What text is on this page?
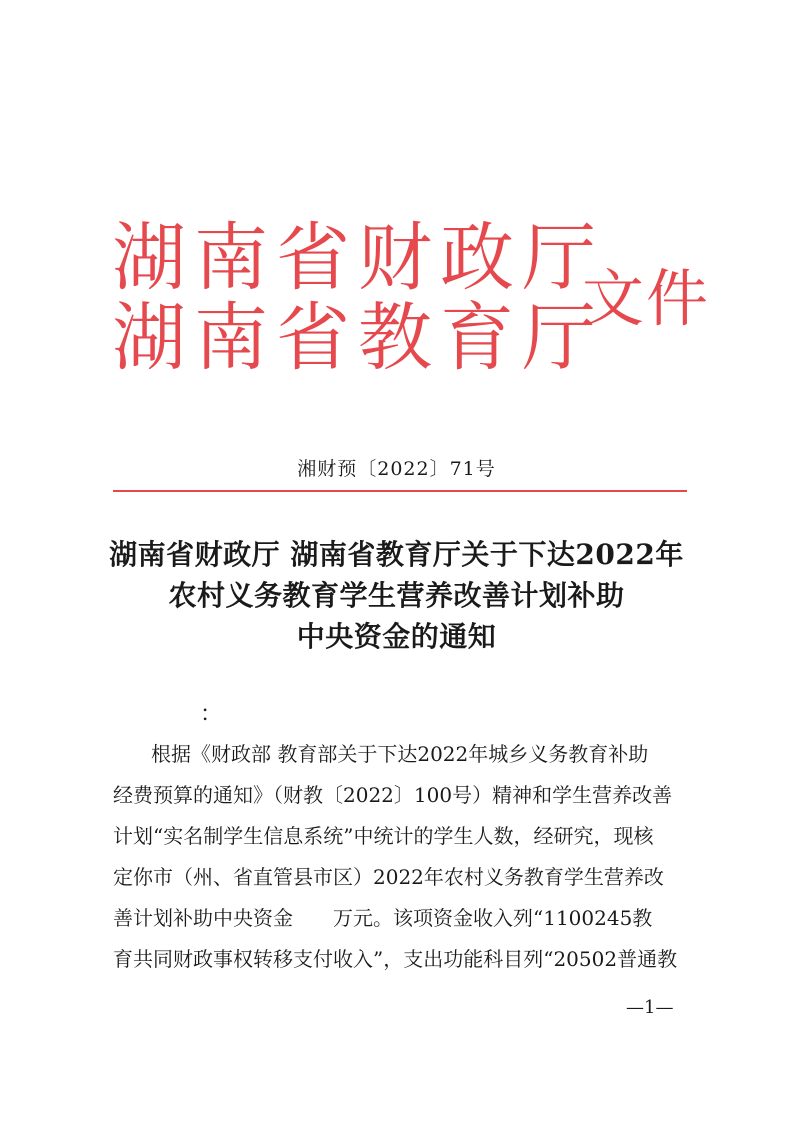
湖南省财政厅
湖南省教育厅
文件
湘财预〔2022〕71号
湖南省财政厅 湖南省教育厅关于下达2022年
农村义务教育学生营养改善计划补助
中央资金的通知
：
根据《财政部 教育部关于下达2022年城乡义务教育补助
经费预算的通知》（财教〔2022〕100号）精神和学生营养改善
计划“实名制学生信息系统”中统计的学生人数，经研究，现核
定你市（州、省直管县市区）2022年农村义务教育学生营养改
善计划补助中央资金　　万元。该项资金收入列“1100245教
育共同财政事权转移支付收入”，支出功能科目列“20502普通教
—1—
